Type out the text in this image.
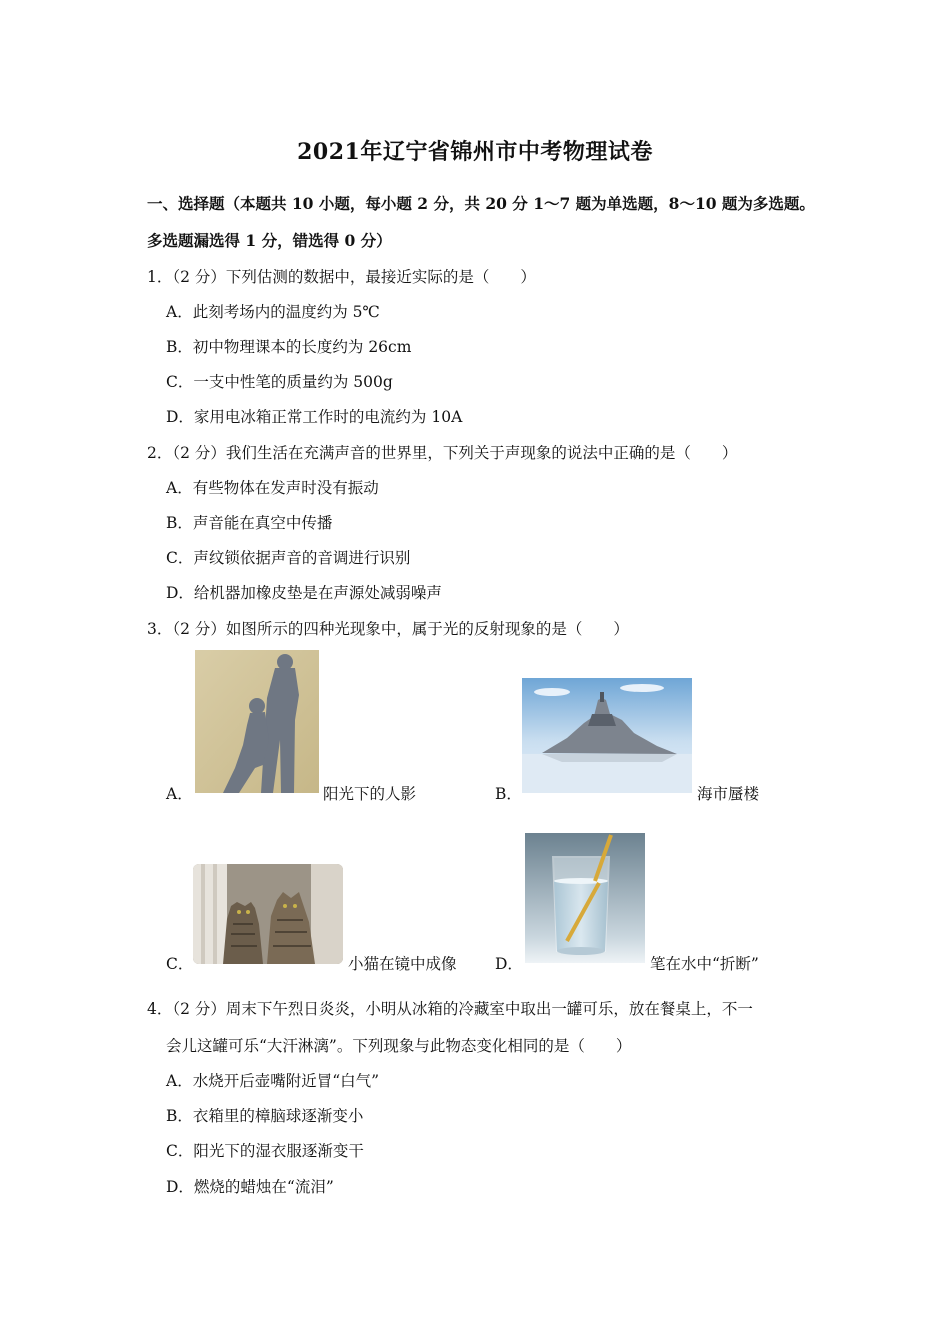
2021年辽宁省锦州市中考物理试卷
一、选择题（本题共 10 小题，每小题 2 分，共 20 分 1～7 题为单选题，8～10 题为多选题。
多选题漏选得 1 分，错选得 0 分）
1．（2 分）下列估测的数据中，最接近实际的是（　　）
A．此刻考场内的温度约为 5℃
B．初中物理课本的长度约为 26cm
C．一支中性笔的质量约为 500g
D．家用电冰箱正常工作时的电流约为 10A
2．（2 分）我们生活在充满声音的世界里，下列关于声现象的说法中正确的是（　　）
A．有些物体在发声时没有振动
B．声音能在真空中传播
C．声纹锁依据声音的音调进行识别
D．给机器加橡皮垫是在声源处减弱噪声
3．（2 分）如图所示的四种光现象中，属于光的反射现象的是（　　）
A．	阳光下的人影	B．	海市蜃楼
C．	小猫在镜中成像 D．	笔在水中“折断”
4．（2 分）周末下午烈日炎炎，小明从冰箱的冷藏室中取出一罐可乐，放在餐桌上，不一
会儿这罐可乐“大汗淋漓”。下列现象与此物态变化相同的是（　　）
A．水烧开后壶嘴附近冒“白气”
B．衣箱里的樟脑球逐渐变小
C．阳光下的湿衣服逐渐变干
D．燃烧的蜡烛在“流泪”
